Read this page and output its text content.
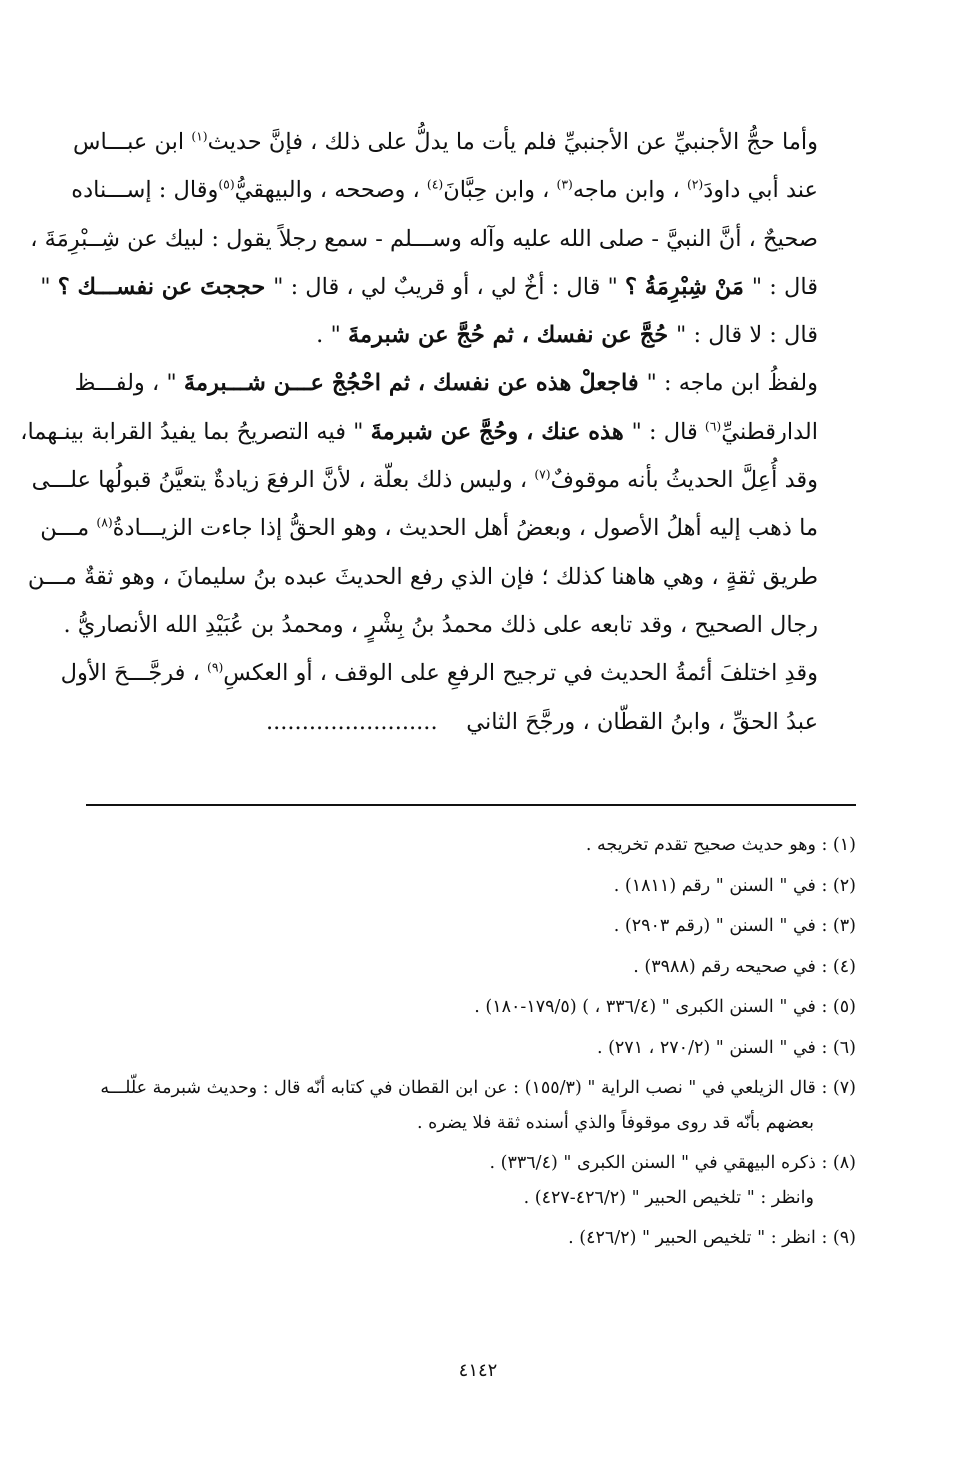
وأما حجُّ الأجنبيِّ عن الأجنبيِّ فلم يأت ما يدلُّ على ذلك ، فإنَّ حديث$^{(١)}$ ابن عبـــاس
عند أبي داودَ$^{(٢)}$ ، وابن ماجه$^{(٣)}$ ، وابن حِبَّانَ$^{(٤)}$ ، وصححه ، والبيهقيُّ$^{(٥)}$وقال : إســـناده
صحيحٌ ، أنَّ النبيَّ - صلى الله عليه وآله وســـلم - سمع رجلاً يقول : لبيك عن شِــبْرِمَةَ ،
قال : " مَنْ شِبْرِمَةُ ؟ " قال : أخٌ لي ، أو قريبٌ لي ، قال : " حججتَ عن نفســـك ؟ "
قال : لا قال : " حُجَّ عن نفسك ، ثم حُجَّ عن شبرمةَ " .

ولفظُ ابن ماجه : " فاجعلْ هذه عن نفسك ، ثم احْجُجْ عـــن شـــبرمةَ " ، ولفـــظ
الدارقطنيِّ$^{(٦)}$ قال : " هذه عنك ، وحُجَّ عن شبرمةَ " فيه التصريحُ بما يفيدُ القرابة بينـهما،
وقد أُعِلَّ الحديثُ بأنه موقوفٌ$^{(٧)}$ ، وليس ذلك بعلّة ، لأنَّ الرفعَ زيادةٌ يتعيَّنُ قبولُها علـــى
ما ذهب إليه أهلُ الأصول ، وبعضُ أهل الحديث ، وهو الحقُّ إذا جاءت الزيـــادةُ$^{(٨)}$ مـــن
طريق ثقةٍ ، وهي هاهنا كذلك ؛ فإن الذي رفع الحديثَ عبده بنُ سليمانَ ، وهو ثقةٌ مـــن
رجال الصحيح ، وقد تابعه على ذلك محمدُ بنُ بِشْرٍ ، ومحمدُ بن عُبَيْدِ الله الأنصاريُّ .

وقدِ اختلفَ أئمةُ الحديث في ترجيح الرفعِ على الوقف ، أو العكسِ$^{(٩)}$ ، فرجَّـــحَ الأول
عبدُ الحقِّ ، وابنُ القطّان ، ورجَّحَ الثاني    ........................

(١) : وهو حديث صحيح تقدم تخريجه .

(٢) : في " السنن " رقم (١٨١١) .

(٣) : في " السنن " (رقم ٢٩٠٣) .

(٤) : في صحيحه رقم (٣٩٨٨) .

(٥) : في " السنن الكبرى " (٣٣٦/٤ ، ) (١٧٩/٥-١٨٠) .

(٦) : في " السنن " (٢٧٠/٢ ، ٢٧١) .

(٧) : قال الزيلعي في " نصب الراية " (١٥٥/٣) : عن ابن القطان في كتابه أنّه قال : وحديث شبرمة علّلـــه

بعضهم بأنّه قد روى موقوفاً والذي أسنده ثقة فلا يضره .

(٨) : ذكره البيهقي في " السنن الكبرى " (٣٣٦/٤) .

وانظر : " تلخيص الحبير " (٤٢٦/٢-٤٢٧) .

(٩) : انظر : " تلخيص الحبير " (٤٢٦/٢) .

٤١٤٢
